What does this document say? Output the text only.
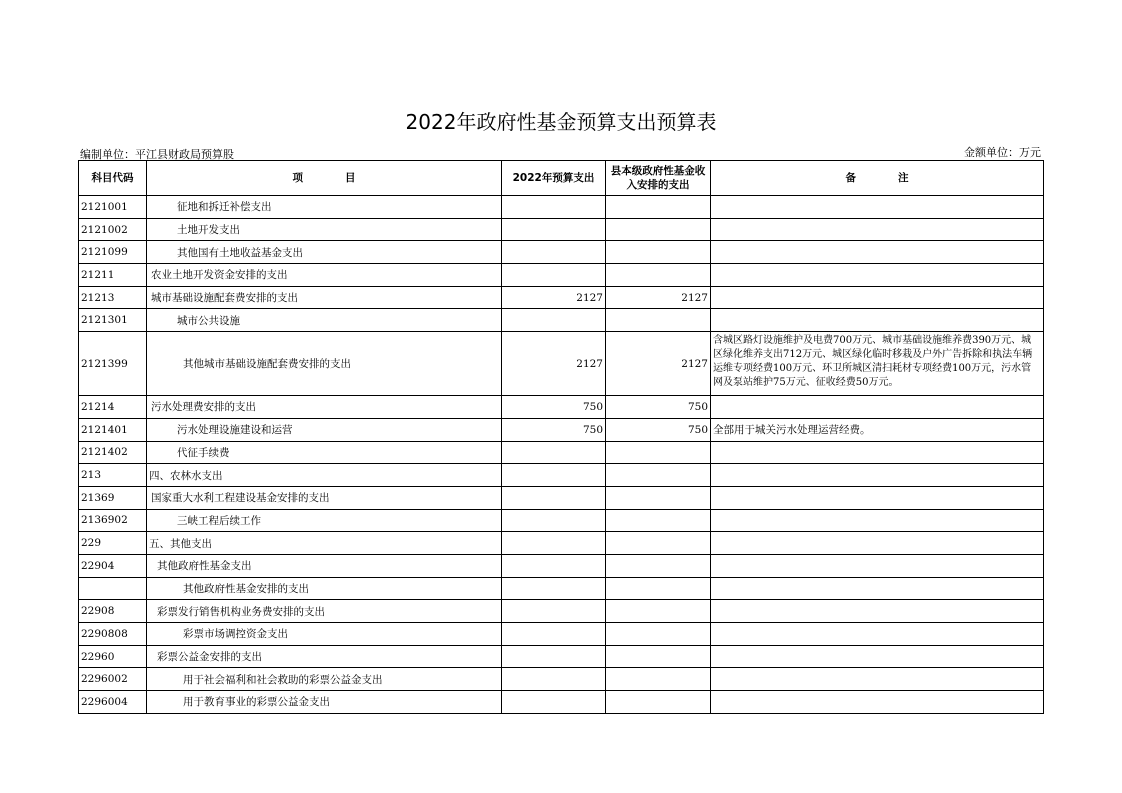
2022年政府性基金预算支出预算表
编制单位：平江县财政局预算股	金额单位：万元
科目代码	项　　　　目	2022年预算支出	县本级政府性基金收入安排的支出	备　　　　注
2121001	征地和拆迁补偿支出			
2121002	土地开发支出			
2121099	其他国有土地收益基金支出			
21211	农业土地开发资金安排的支出			
21213	城市基础设施配套费安排的支出	2127	2127	
2121301	城市公共设施			
2121399	其他城市基础设施配套费安排的支出	2127	2127	含城区路灯设施维护及电费700万元、城市基础设施维养费390万元、城区绿化维养支出712万元、城区绿化临时移栽及户外广告拆除和执法车辆运维专项经费100万元、环卫所城区清扫耗材专项经费100万元，污水管网及泵站维护75万元、征收经费50万元。
21214	污水处理费安排的支出	750	750	
2121401	污水处理设施建设和运营	750	750	全部用于城关污水处理运营经费。
2121402	代征手续费			
213	四、农林水支出			
21369	国家重大水利工程建设基金安排的支出			
2136902	三峡工程后续工作			
229	五、其他支出			
22904	其他政府性基金支出			
	其他政府性基金安排的支出			
22908	彩票发行销售机构业务费安排的支出			
2290808	彩票市场调控资金支出			
22960	彩票公益金安排的支出			
2296002	用于社会福利和社会救助的彩票公益金支出			
2296004	用于教育事业的彩票公益金支出			
